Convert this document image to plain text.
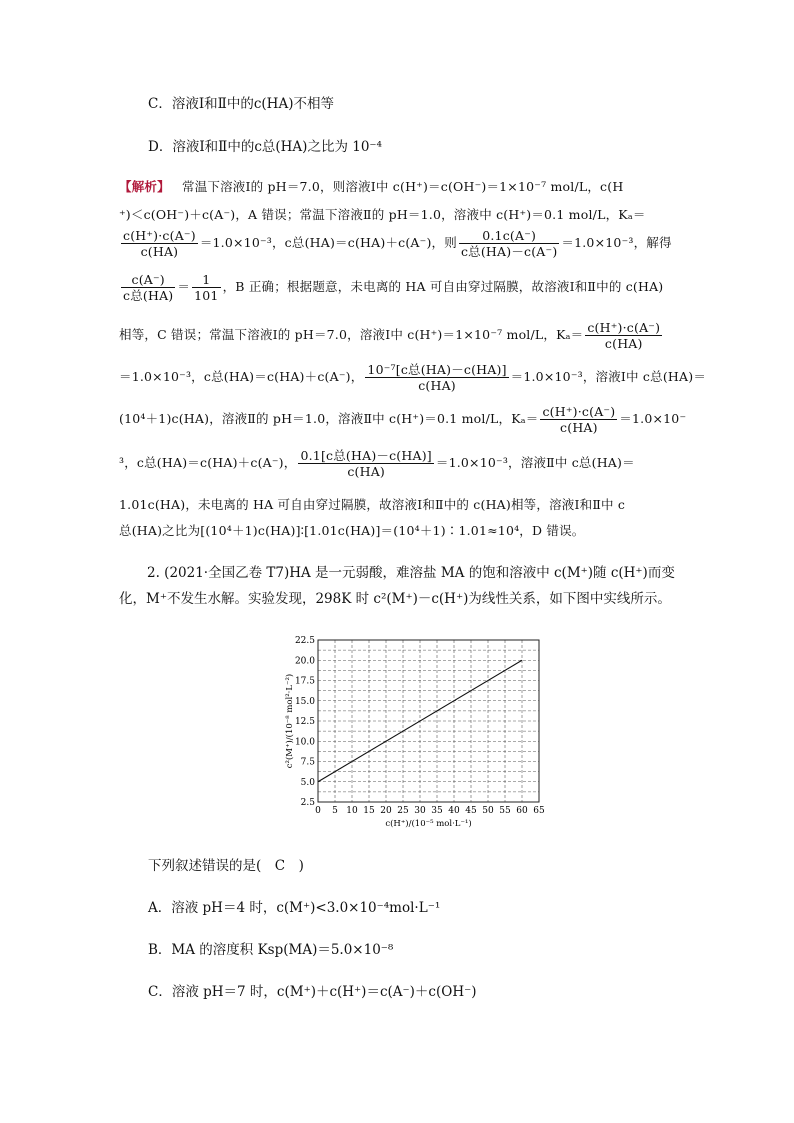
C．溶液Ⅰ和Ⅱ中的c(HA)不相等
D．溶液Ⅰ和Ⅱ中的c总(HA)之比为 10⁻⁴
【解析】 常温下溶液Ⅰ的 pH＝7.0，则溶液Ⅰ中 c(H⁺)＝c(OH⁻)＝1×10⁻⁷ mol/L，c(H
⁺)＜c(OH⁻)＋c(A⁻)，A 错误；常温下溶液Ⅱ的 pH＝1.0，溶液中 c(H⁺)＝0.1 mol/L，Kₐ＝
$\frac{c(H^+)\cdot c(A^-)}{c(HA)} =1.0\times 10^{-3}$，c总(HA)＝c(HA)＋c(A⁻)，则 $\frac{0.1c(A^-)}{\text{c总(HA)－c(A⁻)}} =1.0\times 10^{-3}$，解得
$\frac{c(A^-)}{\text{c总(HA)}} = \frac{1}{101}$ ，B 正确；根据题意，未电离的 HA 可自由穿过隔膜，故溶液Ⅰ和Ⅱ中的 c(HA)
相等，C 错误；常温下溶液Ⅰ的 pH＝7.0，溶液Ⅰ中 c(H⁺)＝1×10⁻⁷ mol/L，$K_a= \frac{c(H^+)\cdot c(A^-)}{c(HA)}$
＝1.0×10⁻³，c总(HA)＝c(HA)＋c(A⁻)， $\frac{\text{10⁻⁷[c总(HA)－c(HA)]}}{c(HA)} =1.0\times 10^{-3}$，溶液Ⅰ中 c总(HA)＝
(10⁴＋1)c(HA)，溶液Ⅱ的 pH＝1.0，溶液Ⅱ中 c(H⁺)＝0.1 mol/L，$K_a= \frac{c(H^+)\cdot c(A^-)}{c(HA)} =1.0\times 10^-$
³，c总(HA)＝c(HA)＋c(A⁻)， $\frac{\text{0.1[c总(HA)－c(HA)]}}{c(HA)} =1.0\times 10^{-3}$，溶液Ⅱ中 c总(HA)＝
1.01c(HA)，未电离的 HA 可自由穿过隔膜，故溶液Ⅰ和Ⅱ中的 c(HA)相等，溶液Ⅰ和Ⅱ中 c
总(HA)之比为[(10⁴＋1)c(HA)]∶[1.01c(HA)]＝(10⁴＋1)∶1.01≈10⁴，D 错误。
2. (2021·全国乙卷 T7)HA 是一元弱酸，难溶盐 MA 的饱和溶液中 c(M⁺)随 c(H⁺)而变化，M⁺不发生水解。实验发现，298K 时 c²(M⁺)－c(H⁺)为线性关系，如下图中实线所示。
2.5
5.0
7.5
10.0
12.5
15.0
17.5
20.0
22.5
0 5 10 15 20 25 30 35 40 45 50 55 60 65
c(H⁺)/(10⁻⁵ mol·L⁻¹)
c²(M⁺)/(10⁻⁸ mol²·L⁻²)
下列叙述错误的是(　C　)
A．溶液 pH＝4 时，c(M⁺)<3.0×10⁻⁴mol·L⁻¹
B．MA 的溶度积 Ksp(MA)＝5.0×10⁻⁸
C．溶液 pH＝7 时，c(M⁺)＋c(H⁺)＝c(A⁻)＋c(OH⁻)
